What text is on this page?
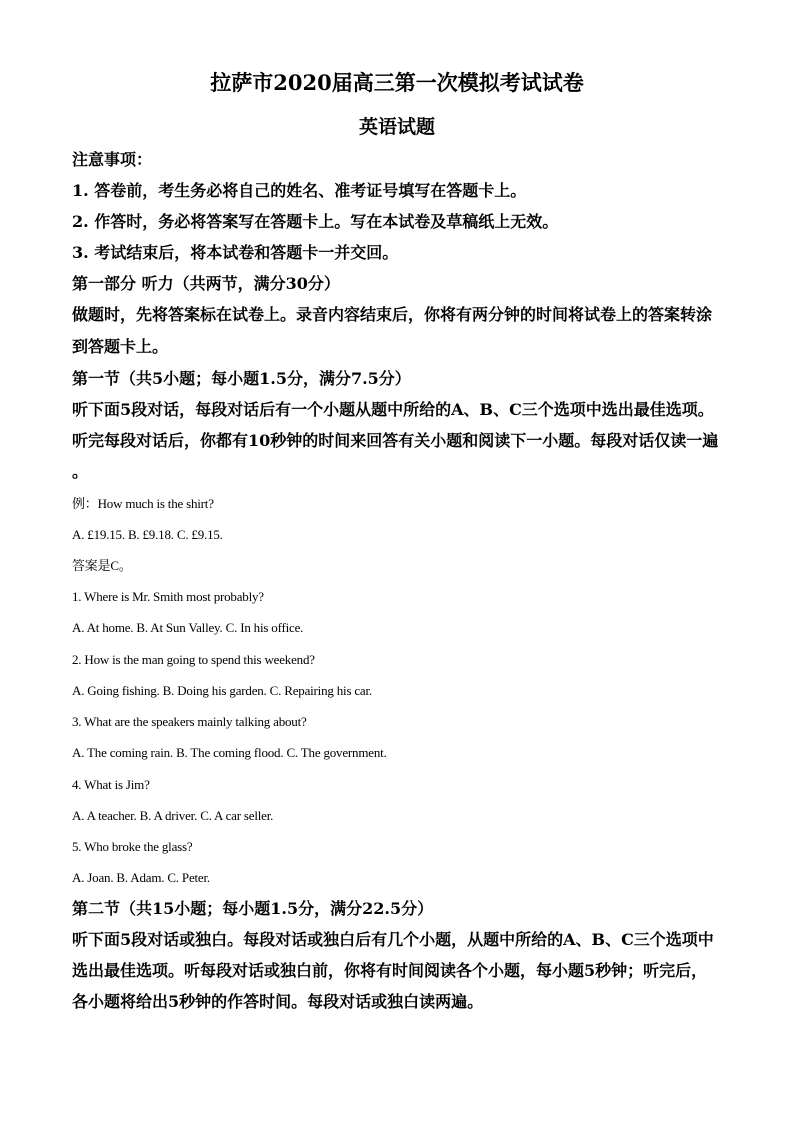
拉萨市2020届高三第一次模拟考试试卷
英语试题
注意事项：
1. 答卷前，考生务必将自己的姓名、准考证号填写在答题卡上。
2. 作答时，务必将答案写在答题卡上。写在本试卷及草稿纸上无效。
3. 考试结束后，将本试卷和答题卡一并交回。
第一部分 听力（共两节，满分30分）
做题时，先将答案标在试卷上。录音内容结束后，你将有两分钟的时间将试卷上的答案转涂
到答题卡上。
第一节（共5小题；每小题1.5分，满分7.5分）
听下面5段对话，每段对话后有一个小题从题中所给的A、B、C三个选项中选出最佳选项。
听完每段对话后，你都有10秒钟的时间来回答有关小题和阅读下一小题。每段对话仅读一遍
。
例：How much is the shirt?
A. £19.15. B. £9.18. C. £9.15.
答案是C。
1. Where is Mr. Smith most probably?
A. At home. B. At Sun Valley. C. In his office.
2. How is the man going to spend this weekend?
A. Going fishing. B. Doing his garden. C. Repairing his car.
3. What are the speakers mainly talking about?
A. The coming rain. B. The coming flood. C. The government.
4. What is Jim?
A. A teacher. B. A driver. C. A car seller.
5. Who broke the glass?
A. Joan. B. Adam. C. Peter.
第二节（共15小题；每小题1.5分，满分22.5分）
听下面5段对话或独白。每段对话或独白后有几个小题，从题中所给的A、B、C三个选项中
选出最佳选项。听每段对话或独白前，你将有时间阅读各个小题，每小题5秒钟；听完后，
各小题将给出5秒钟的作答时间。每段对话或独白读两遍。
